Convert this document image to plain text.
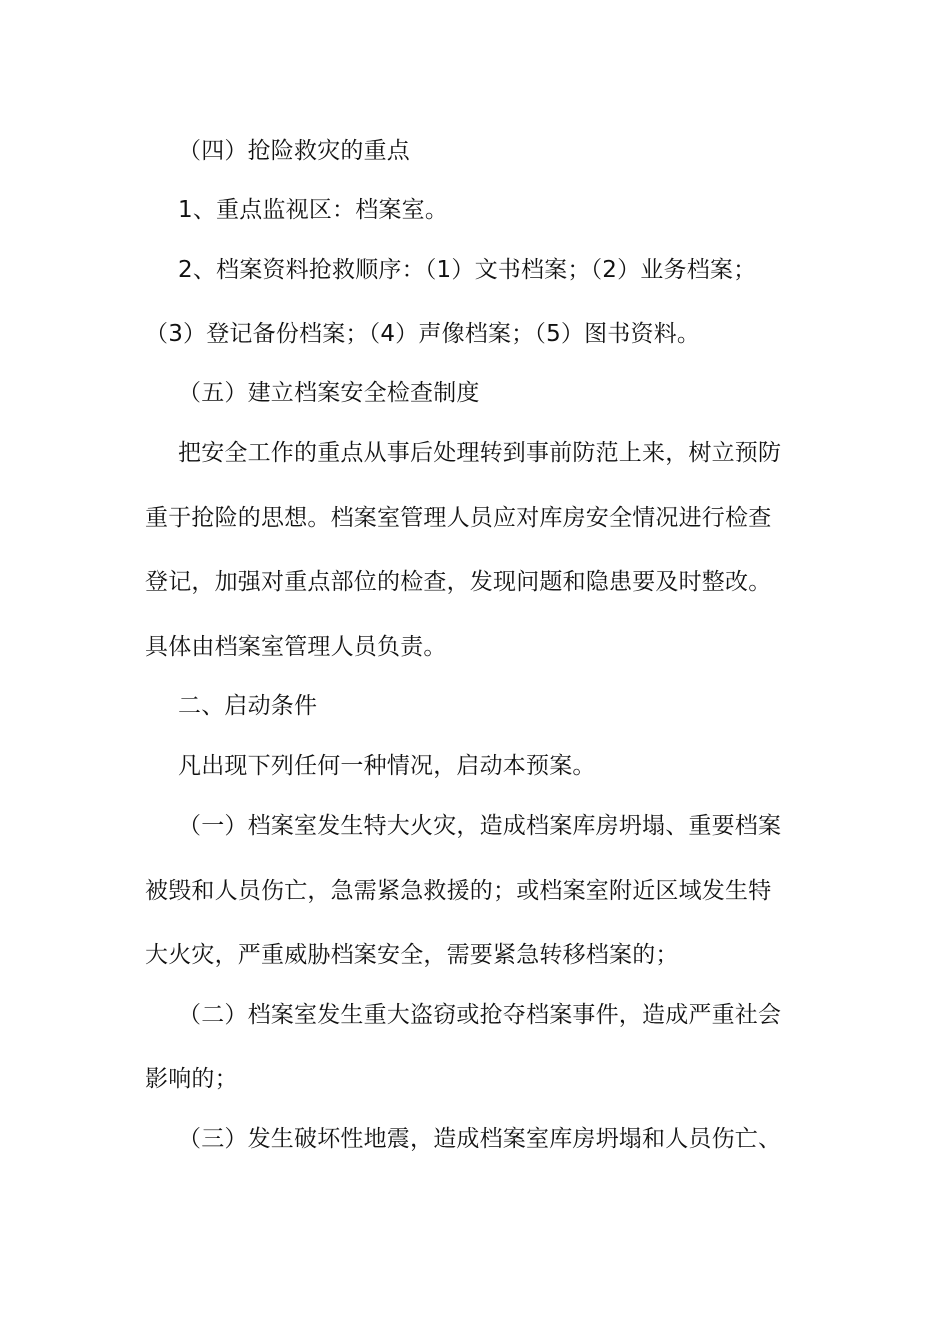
（四）抢险救灾的重点
1、重点监视区：档案室。
2、档案资料抢救顺序：（1）文书档案；（2）业务档案；
（3）登记备份档案；（4）声像档案；（5）图书资料。
（五）建立档案安全检查制度
把安全工作的重点从事后处理转到事前防范上来，树立预防
重于抢险的思想。档案室管理人员应对库房安全情况进行检查
登记，加强对重点部位的检查，发现问题和隐患要及时整改。
具体由档案室管理人员负责。
二、启动条件
凡出现下列任何一种情况，启动本预案。
（一）档案室发生特大火灾，造成档案库房坍塌、重要档案
被毁和人员伤亡，急需紧急救援的；或档案室附近区域发生特
大火灾，严重威胁档案安全，需要紧急转移档案的；
（二）档案室发生重大盗窃或抢夺档案事件，造成严重社会
影响的；
（三）发生破坏性地震，造成档案室库房坍塌和人员伤亡、
